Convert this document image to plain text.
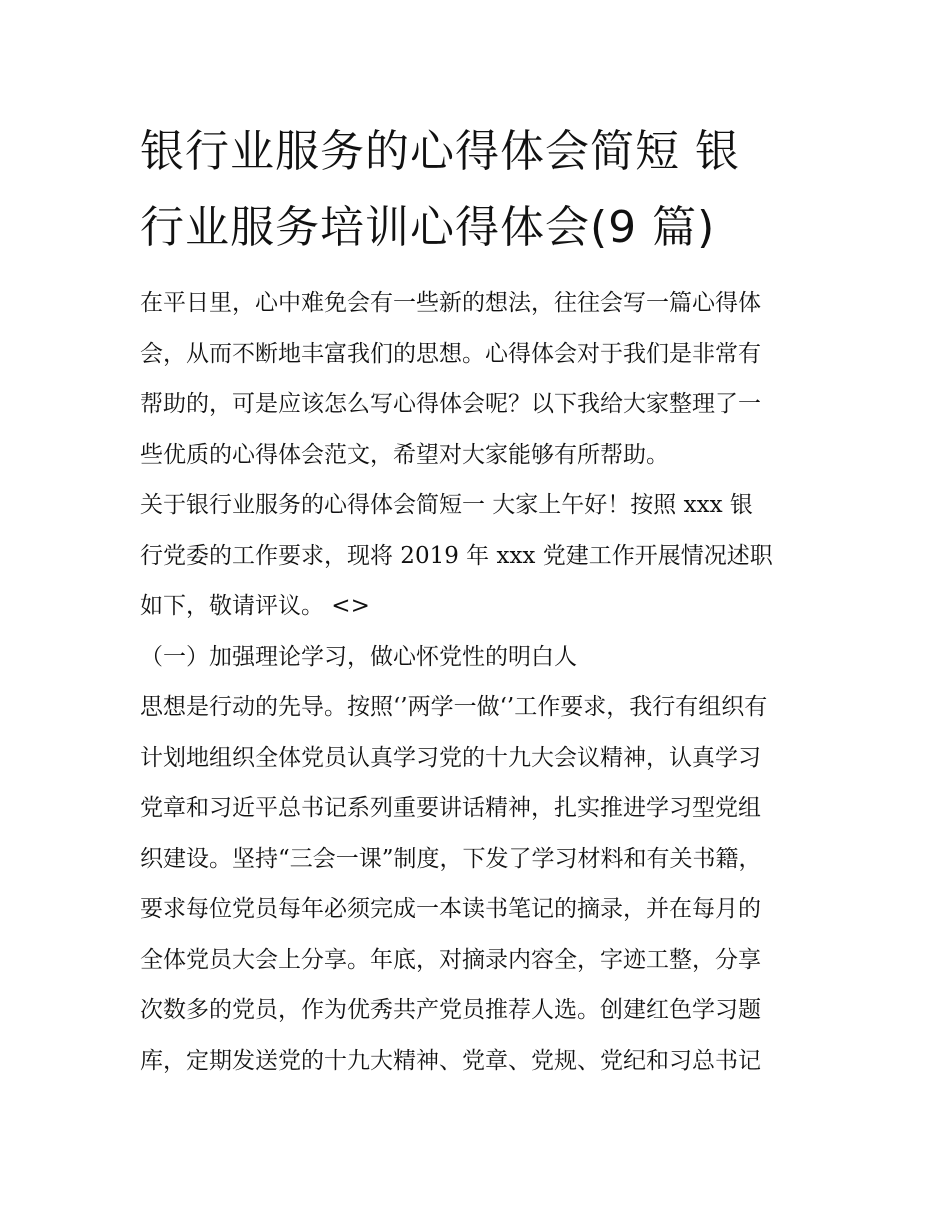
银行业服务的心得体会简短 银
行业服务培训心得体会(9 篇)
在平日里，心中难免会有一些新的想法，往往会写一篇心得体
会，从而不断地丰富我们的思想。心得体会对于我们是非常有
帮助的，可是应该怎么写心得体会呢？以下我给大家整理了一
些优质的心得体会范文，希望对大家能够有所帮助。
关于银行业服务的心得体会简短一 大家上午好！按照 xxx 银
行党委的工作要求，现将 2019 年 xxx 党建工作开展情况述职
如下，敬请评议。 <>
（一）加强理论学习，做心怀党性的明白人
思想是行动的先导。按照‘’两学一做‘’工作要求，我行有组织有
计划地组织全体党员认真学习党的十九大会议精神，认真学习
党章和习近平总书记系列重要讲话精神，扎实推进学习型党组
织建设。坚持“三会一课”制度，下发了学习材料和有关书籍，
要求每位党员每年必须完成一本读书笔记的摘录，并在每月的
全体党员大会上分享。年底，对摘录内容全，字迹工整，分享
次数多的党员，作为优秀共产党员推荐人选。创建红色学习题
库，定期发送党的十九大精神、党章、党规、党纪和习总书记
